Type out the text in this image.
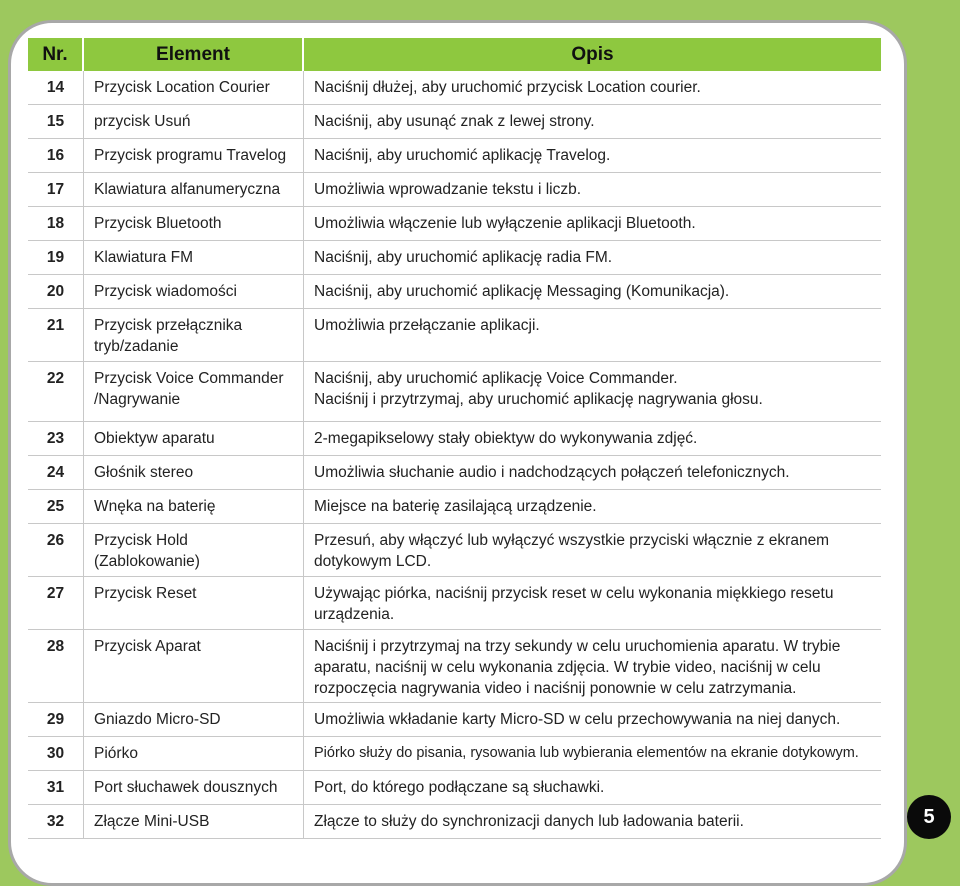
Nr.	Element	Opis

14	Przycisk Location Courier	Naciśnij dłużej, aby uruchomić przycisk Location courier.

15	przycisk Usuń	Naciśnij, aby usunąć znak z lewej strony.

16	Przycisk programu Travelog	Naciśnij, aby uruchomić aplikację Travelog.

17	Klawiatura alfanumeryczna	Umożliwia wprowadzanie tekstu i liczb.

18	Przycisk Bluetooth	Umożliwia włączenie lub wyłączenie aplikacji Bluetooth.

19	Klawiatura FM	Naciśnij, aby uruchomić aplikację radia FM.

20	Przycisk wiadomości	Naciśnij, aby uruchomić aplikację Messaging (Komunikacja).

21	Przycisk przełącznika tryb/zadanie	Umożliwia przełączanie aplikacji.

22	Przycisk Voice Commander /Nagrywanie	Naciśnij, aby uruchomić aplikację Voice Commander.
Naciśnij i przytrzymaj, aby uruchomić aplikację nagrywania głosu.

23	Obiektyw aparatu	2-megapikselowy stały obiektyw do wykonywania zdjęć.

24	Głośnik stereo	Umożliwia słuchanie audio i nadchodzących połączeń telefonicznych.

25	Wnęka na baterię	Miejsce na baterię zasilającą urządzenie.

26	Przycisk Hold (Zablokowanie)	Przesuń, aby włączyć lub wyłączyć wszystkie przyciski włącznie z ekranem dotykowym LCD.

27	Przycisk Reset	Używając piórka, naciśnij przycisk reset w celu wykonania miękkiego resetu urządzenia.

28	Przycisk Aparat	Naciśnij i przytrzymaj na trzy sekundy w celu uruchomienia aparatu. W trybie aparatu, naciśnij w celu wykonania zdjęcia. W trybie video, naciśnij w celu rozpoczęcia nagrywania video i naciśnij ponownie w celu zatrzymania.

29	Gniazdo Micro-SD	Umożliwia wkładanie karty Micro-SD w celu przechowywania na niej danych.

30	Piórko	Piórko służy do pisania, rysowania lub wybierania elementów na ekranie dotykowym.

31	Port słuchawek dousznych	Port, do którego podłączane są słuchawki.

32	Złącze Mini-USB	Złącze to służy do synchronizacji danych lub ładowania baterii.	5
